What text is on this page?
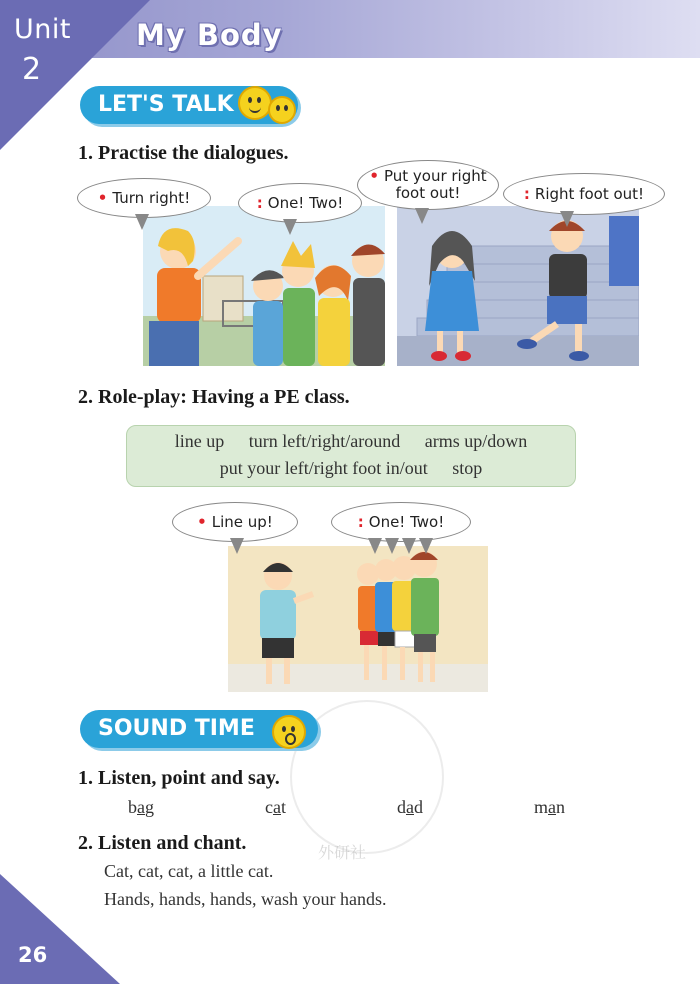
Unit
2
My Body
LET'S TALK
1. Practise the dialogues.
• Turn right!	: One! Two!
• Put your right foot out!	: Right foot out!
2. Role-play: Having a PE class.
line up turn left/right/around arms up/down
put your left/right foot in/out stop
• Line up!	: One! Two!
外研社
SOUND TIME
1. Listen, point and say.
bag	cat	dad	man
2. Listen and chant.
Cat, cat, cat, a little cat.
Hands, hands, hands, wash your hands.
26
